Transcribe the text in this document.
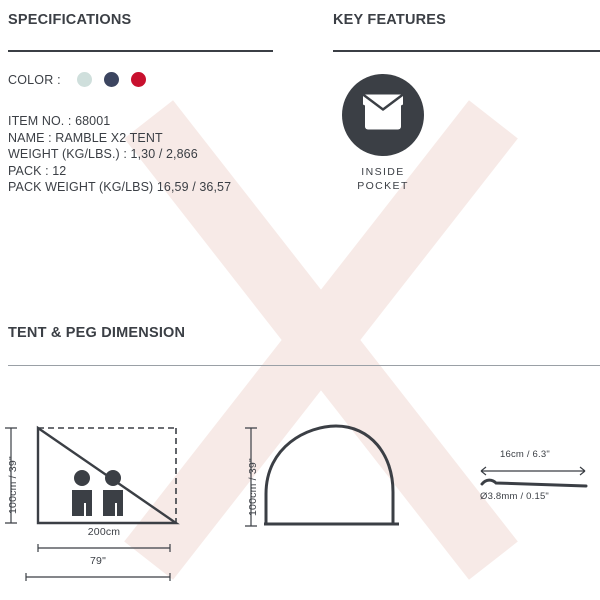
SPECIFICATIONS
COLOR :
ITEM NO. : 68001
NAME : RAMBLE X2 TENT
WEIGHT (KG/LBS.) : 1,30 / 2,866
PACK : 12
PACK WEIGHT (KG/LBS) 16,59 / 36,57
KEY FEATURES
INSIDE
POCKET
TENT & PEG DIMENSION
100cm / 39"
200cm
79"
100cm / 39"
16cm / 6.3"
Ø3.8mm / 0.15"
